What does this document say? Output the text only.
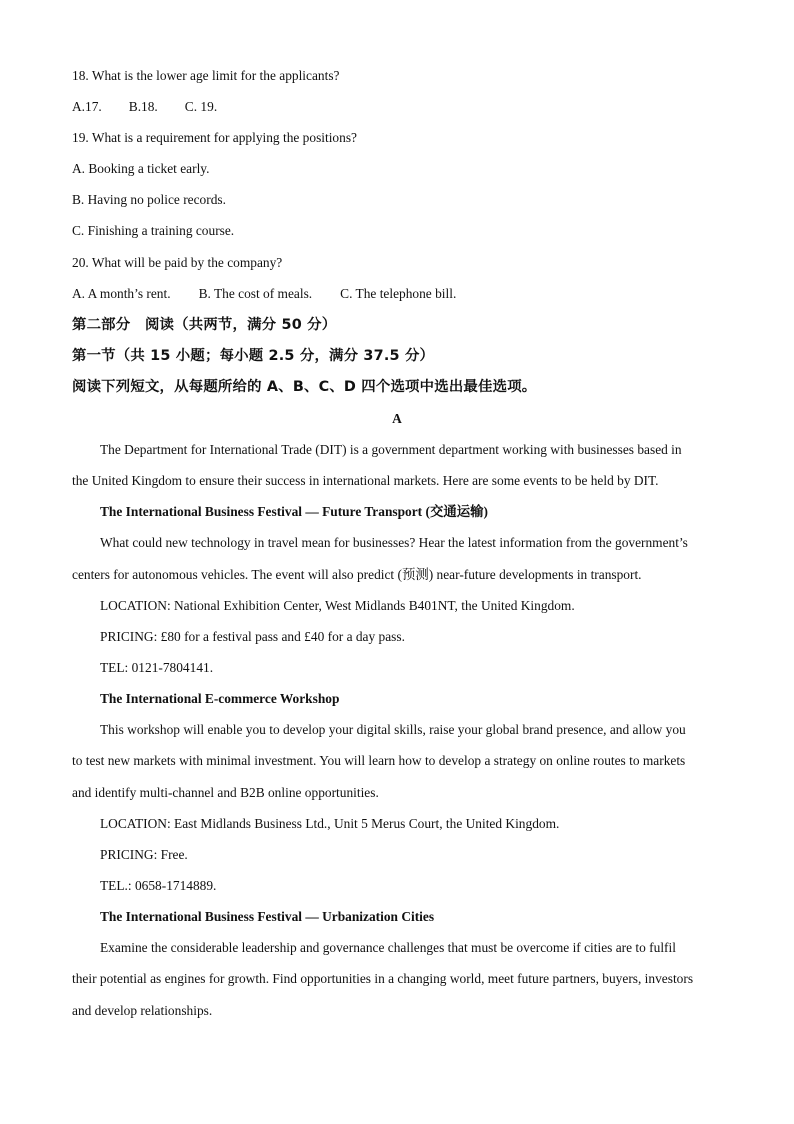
18. What is the lower age limit for the applicants?
A.17. B.18. C. 19.
19. What is a requirement for applying the positions?
A. Booking a ticket early.
B. Having no police records.
C. Finishing a training course.
20. What will be paid by the company?
A. A month’s rent. B. The cost of meals. C. The telephone bill.
第二部分　阅读（共两节，满分 50 分）
第一节（共 15 小题；每小题 2.5 分，满分 37.5 分）
阅读下列短文，从每题所给的 A、B、C、D 四个选项中选出最佳选项。
A
The Department for International Trade (DIT) is a government department working with businesses based in
the United Kingdom to ensure their success in international markets. Here are some events to be held by DIT.
The International Business Festival — Future Transport (交通运输)
What could new technology in travel mean for businesses? Hear the latest information from the government’s
centers for autonomous vehicles. The event will also predict (预测) near-future developments in transport.
LOCATION: National Exhibition Center, West Midlands B401NT, the United Kingdom.
PRICING: £80 for a festival pass and £40 for a day pass.
TEL: 0121-7804141.
The International E-commerce Workshop
This workshop will enable you to develop your digital skills, raise your global brand presence, and allow you
to test new markets with minimal investment. You will learn how to develop a strategy on online routes to markets
and identify multi-channel and B2B online opportunities.
LOCATION: East Midlands Business Ltd., Unit 5 Merus Court, the United Kingdom.
PRICING: Free.
TEL.: 0658-1714889.
The International Business Festival — Urbanization Cities
Examine the considerable leadership and governance challenges that must be overcome if cities are to fulfil
their potential as engines for growth. Find opportunities in a changing world, meet future partners, buyers, investors
and develop relationships.
